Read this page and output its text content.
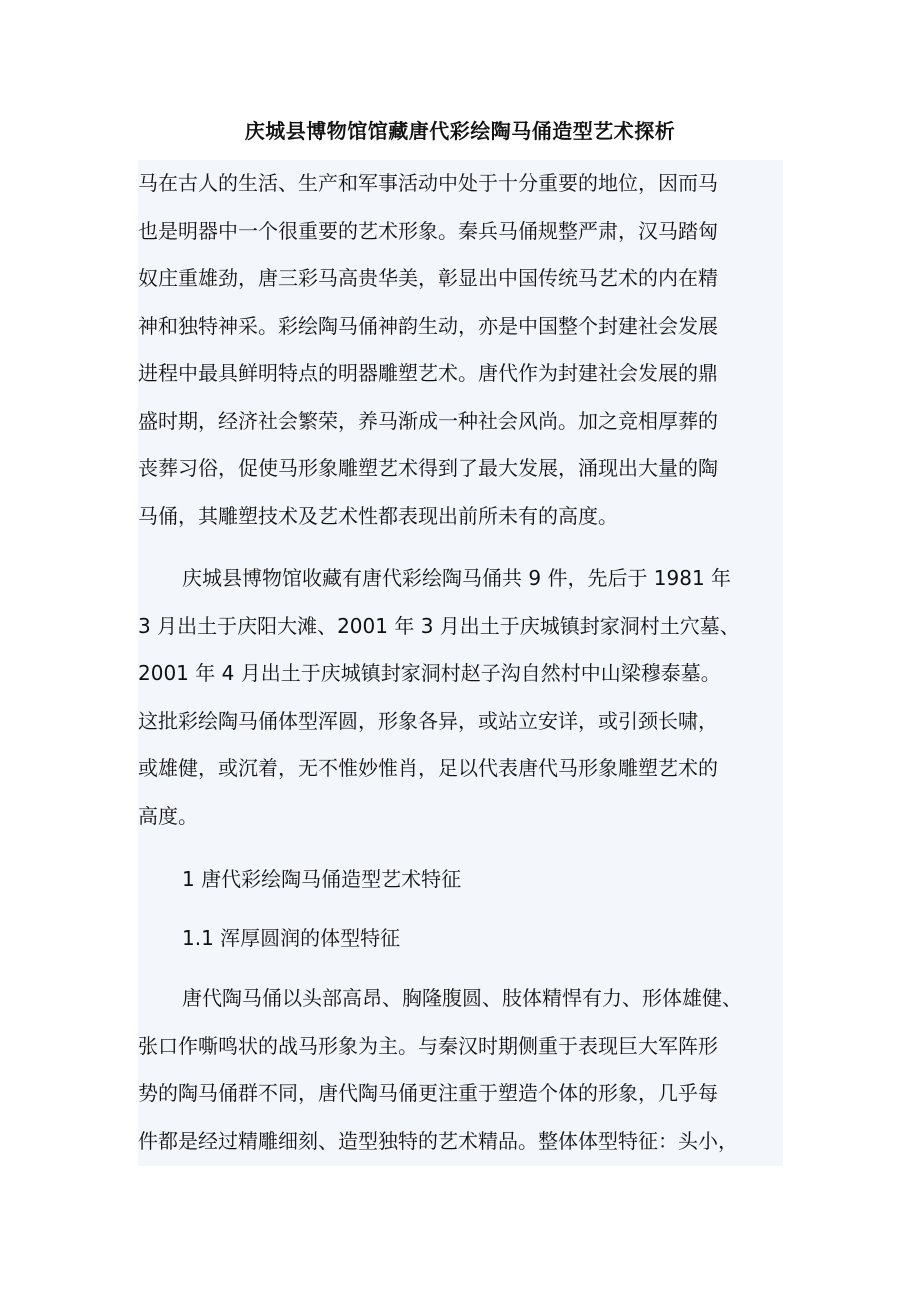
庆城县博物馆馆藏唐代彩绘陶马俑造型艺术探析
马在古人的生活、生产和军事活动中处于十分重要的地位，因而马
也是明器中一个很重要的艺术形象。秦兵马俑规整严肃，汉马踏匈
奴庄重雄劲，唐三彩马高贵华美，彰显出中国传统马艺术的内在精
神和独特神采。彩绘陶马俑神韵生动，亦是中国整个封建社会发展
进程中最具鲜明特点的明器雕塑艺术。唐代作为封建社会发展的鼎
盛时期，经济社会繁荣，养马渐成一种社会风尚。加之竞相厚葬的
丧葬习俗，促使马形象雕塑艺术得到了最大发展，涌现出大量的陶
马俑，其雕塑技术及艺术性都表现出前所未有的高度。
庆城县博物馆收藏有唐代彩绘陶马俑共 9 件，先后于 1981 年
3 月出土于庆阳大滩、2001 年 3 月出土于庆城镇封家洞村土穴墓、
2001 年 4 月出土于庆城镇封家洞村赵子沟自然村中山梁穆泰墓。
这批彩绘陶马俑体型浑圆，形象各异，或站立安详，或引颈长啸，
或雄健，或沉着，无不惟妙惟肖，足以代表唐代马形象雕塑艺术的
高度。
1 唐代彩绘陶马俑造型艺术特征
1.1 浑厚圆润的体型特征
唐代陶马俑以头部高昂、胸隆腹圆、肢体精悍有力、形体雄健、
张口作嘶鸣状的战马形象为主。与秦汉时期侧重于表现巨大军阵形
势的陶马俑群不同，唐代陶马俑更注重于塑造个体的形象，几乎每
件都是经过精雕细刻、造型独特的艺术精品。整体体型特征：头小，
